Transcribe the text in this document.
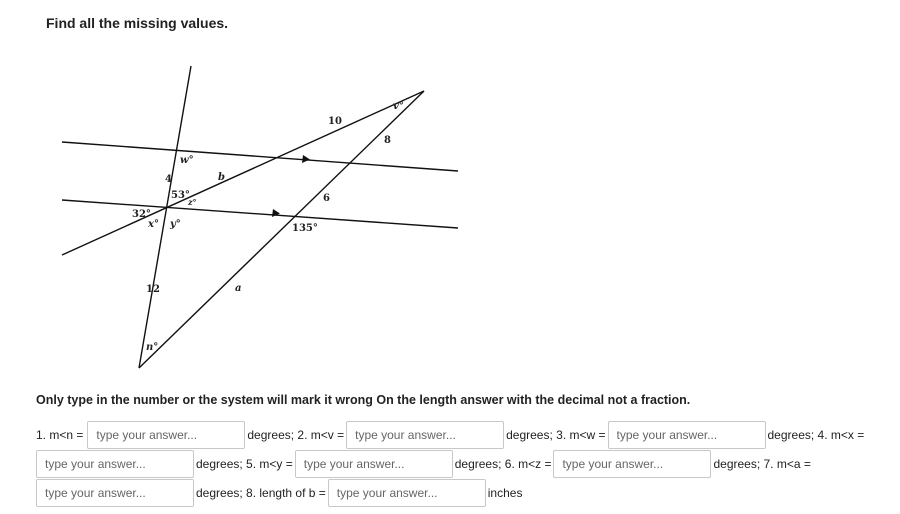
Find all the missing values.
10
8
6
4
12
53°
32°
135°
w°
z°
x° y°
v°
n°
b
a
Only type in the number or the system will mark it wrong On the length answer with the decimal not a fraction.
1. m<n =
type your answer...	degrees; 2. m<v =
type your answer...	degrees; 3. m<w =
type your answer...	degrees; 4. m<x =
type your answer...
degrees; 5. m<y =
type your answer...	degrees; 6. m<z =
type your answer...	degrees; 7. m<a =
type your answer...
degrees; 8. length of b =
type your answer...	inches
